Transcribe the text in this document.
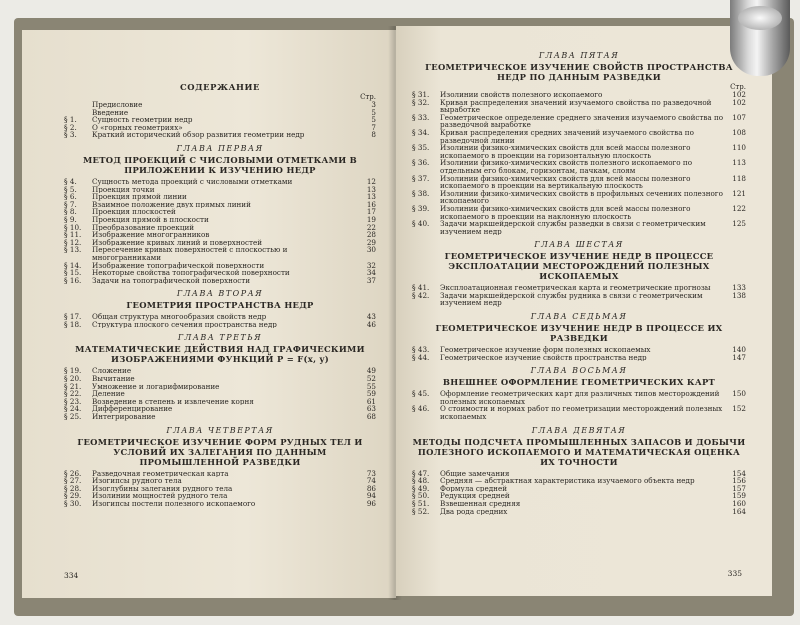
СОДЕРЖАНИЕ
Стр.
Предисловие	3
Введение	5
§ 1.	Сущность геометрии недр	5
§ 2.	О «горных геометриях»	7
§ 3.	Краткий исторический обзор развития геометрии недр	8
ГЛАВА ПЕРВАЯ
МЕТОД ПРОЕКЦИЙ С ЧИСЛОВЫМИ ОТМЕТКАМИ В ПРИЛОЖЕНИИ К ИЗУЧЕНИЮ НЕДР
§ 4.	Сущность метода проекций с числовыми отметками	12
§ 5.	Проекция точки	13
§ 6.	Проекция прямой линии	13
§ 7.	Взаимное положение двух прямых линий	16
§ 8.	Проекция плоскостей	17
§ 9.	Проекция прямой в плоскости	19
§ 10.	Преобразование проекций	22
§ 11.	Изображение многогранников	28
§ 12.	Изображение кривых линий и поверхностей	29
§ 13.	Пересечение кривых поверхностей с плоскостью и многогранниками
30
§ 14.	Изображение топографической поверхности	32
§ 15.	Некоторые свойства топографической поверхности	34
§ 16.	Задачи на топографической поверхности	37
ГЛАВА ВТОРАЯ
ГЕОМЕТРИЯ ПРОСТРАНСТВА НЕДР
§ 17.	Общая структура многообразия свойств недр	43
§ 18.	Структура плоского сечения пространства недр	46
ГЛАВА ТРЕТЬЯ
МАТЕМАТИЧЕСКИЕ ДЕЙСТВИЯ НАД ГРАФИЧЕСКИМИ ИЗОБРАЖЕНИЯМИ ФУНКЦИЙ P = F(x, y)
§ 19.	Сложение	49
§ 20.	Вычитание	52
§ 21.	Умножение и логарифмирование	55
§ 22.	Деление	59
§ 23.	Возведение в степень и извлечение корня	61
§ 24.	Дифференцирование	63
§ 25.	Интегрирование	68
ГЛАВА ЧЕТВЕРТАЯ
ГЕОМЕТРИЧЕСКОЕ ИЗУЧЕНИЕ ФОРМ РУДНЫХ ТЕЛ И УСЛОВИЙ ИХ ЗАЛЕГАНИЯ ПО ДАННЫМ ПРОМЫШЛЕННОЙ РАЗВЕДКИ
§ 26.	Разведочная геометрическая карта	73
§ 27.	Изогипсы рудного тела	74
§ 28.	Изоглубины залегания рудного тела	86
§ 29.	Изолинии мощностей рудного тела	94
§ 30.	Изогипсы постели полезного ископаемого	96
334
ГЛАВА ПЯТАЯ
ГЕОМЕТРИЧЕСКОЕ ИЗУЧЕНИЕ СВОЙСТВ ПРОСТРАНСТВА НЕДР ПО ДАННЫМ РАЗВЕДКИ
Стр.
§ 31.	Изолинии свойств полезного ископаемого	102
§ 32.	Кривая распределения значений изучаемого свойства по разведочной выработке
102
§ 33.	Геометрическое определение среднего значения изучаемого свойства по разведочной выработке
107
§ 34.	Кривая распределения средних значений изучаемого свойства по разведочной линии
108
§ 35.	Изолинии физико-химических свойств для всей массы полезного ископаемого в проекции на горизонтальную плоскость
110
§ 36.	Изолинии физико-химических свойств полезного ископаемого по отдельным его блокам, горизонтам, пачкам, слоям
113
§ 37.	Изолинии физико-химических свойств для всей массы полезного ископаемого в проекции на вертикальную плоскость
118
§ 38.	Изолинии физико-химических свойств в профильных сечениях полезного ископаемого
121
§ 39.	Изолинии физико-химических свойств для всей массы полезного ископаемого в проекции на наклонную плоскость
122
§ 40.	Задачи маркшейдерской службы разведки в связи с геометрическим изучением недр
125
ГЛАВА ШЕСТАЯ
ГЕОМЕТРИЧЕСКОЕ ИЗУЧЕНИЕ НЕДР В ПРОЦЕССЕ ЭКСПЛОАТАЦИИ МЕСТОРОЖДЕНИЙ ПОЛЕЗНЫХ ИСКОПАЕМЫХ
§ 41.	Эксплоатационная геометрическая карта и геометрические прогнозы	133
§ 42.	Задачи маркшейдерской службы рудника в связи с геометрическим изучением недр
138
ГЛАВА СЕДЬМАЯ
ГЕОМЕТРИЧЕСКОЕ ИЗУЧЕНИЕ НЕДР В ПРОЦЕССЕ ИХ РАЗВЕДКИ
§ 43.	Геометрическое изучение форм полезных ископаемых	140
§ 44.	Геометрическое изучение свойств пространства недр	147
ГЛАВА ВОСЬМАЯ
ВНЕШНЕЕ ОФОРМЛЕНИЕ ГЕОМЕТРИЧЕСКИХ КАРТ
§ 45.	Оформление геометрических карт для различных типов месторождений полезных ископаемых
150
§ 46.	О стоимости и нормах работ по геометризации месторождений полезных ископаемых
152
ГЛАВА ДЕВЯТАЯ
МЕТОДЫ ПОДСЧЕТА ПРОМЫШЛЕННЫХ ЗАПАСОВ И ДОБЫЧИ ПОЛЕЗНОГО ИСКОПАЕМОГО И МАТЕМАТИЧЕСКАЯ ОЦЕНКА ИХ ТОЧНОСТИ
§ 47.	Общие замечания	154
§ 48.	Средняя — абстрактная характеристика изучаемого объекта недр	156
§ 49.	Формула средней	157
§ 50.	Редукция средней	159
§ 51.	Взвешенная средняя	160
§ 52.	Два рода средних	164
335
